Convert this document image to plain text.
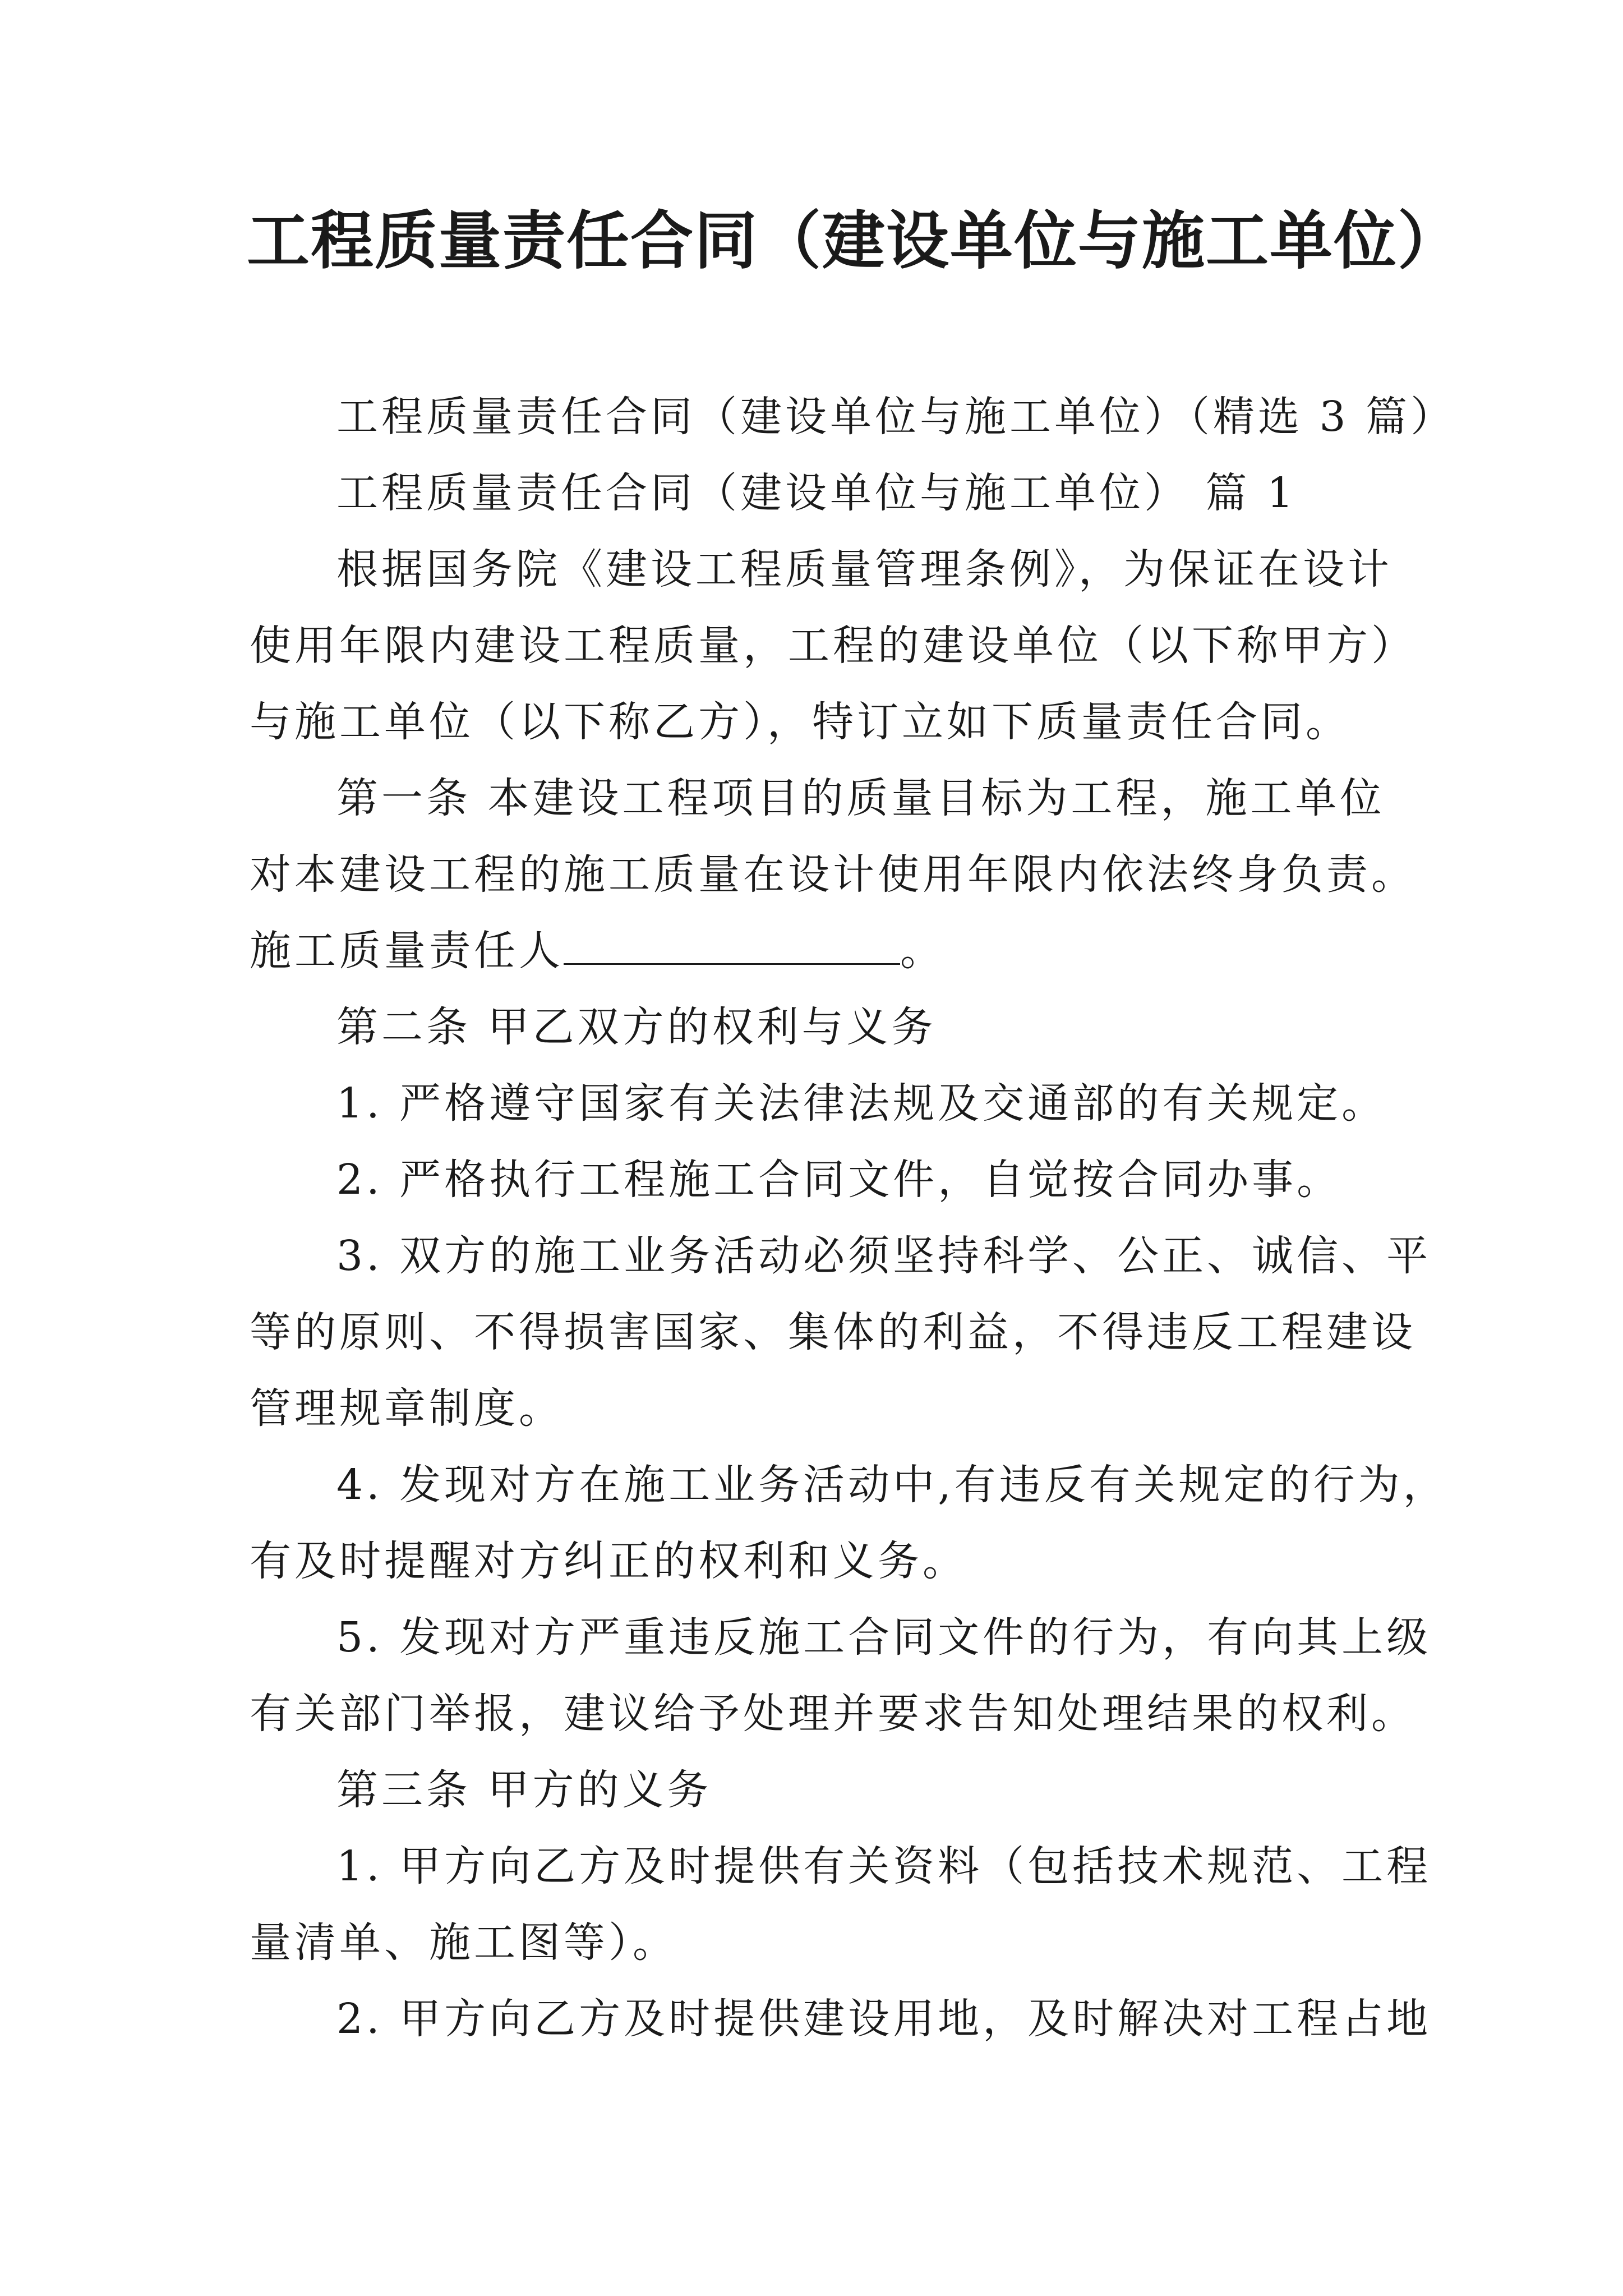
工程质量责任合同（建设单位与施工单位）

工程质量责任合同（建设单位与施工单位）（精选 3 篇）

工程质量责任合同（建设单位与施工单位） 篇 1

根据国务院《建设工程质量管理条例》，为保证在设计

使用年限内建设工程质量，工程的建设单位（以下称甲方）

与施工单位（以下称乙方），特订立如下质量责任合同。

第一条 本建设工程项目的质量目标为工程，施工单位

对本建设工程的施工质量在设计使用年限内依法终身负责。

施工质量责任人	。

第二条 甲乙双方的权利与义务

1. 严格遵守国家有关法律法规及交通部的有关规定。

2. 严格执行工程施工合同文件，自觉按合同办事。

3. 双方的施工业务活动必须坚持科学、公正、诚信、平

等的原则、不得损害国家、集体的利益，不得违反工程建设

管理规章制度。

4. 发现对方在施工业务活动中,有违反有关规定的行为，

有及时提醒对方纠正的权利和义务。

5. 发现对方严重违反施工合同文件的行为，有向其上级

有关部门举报，建议给予处理并要求告知处理结果的权利。

第三条 甲方的义务

1. 甲方向乙方及时提供有关资料（包括技术规范、工程

量清单、施工图等）。

2. 甲方向乙方及时提供建设用地，及时解决对工程占地
